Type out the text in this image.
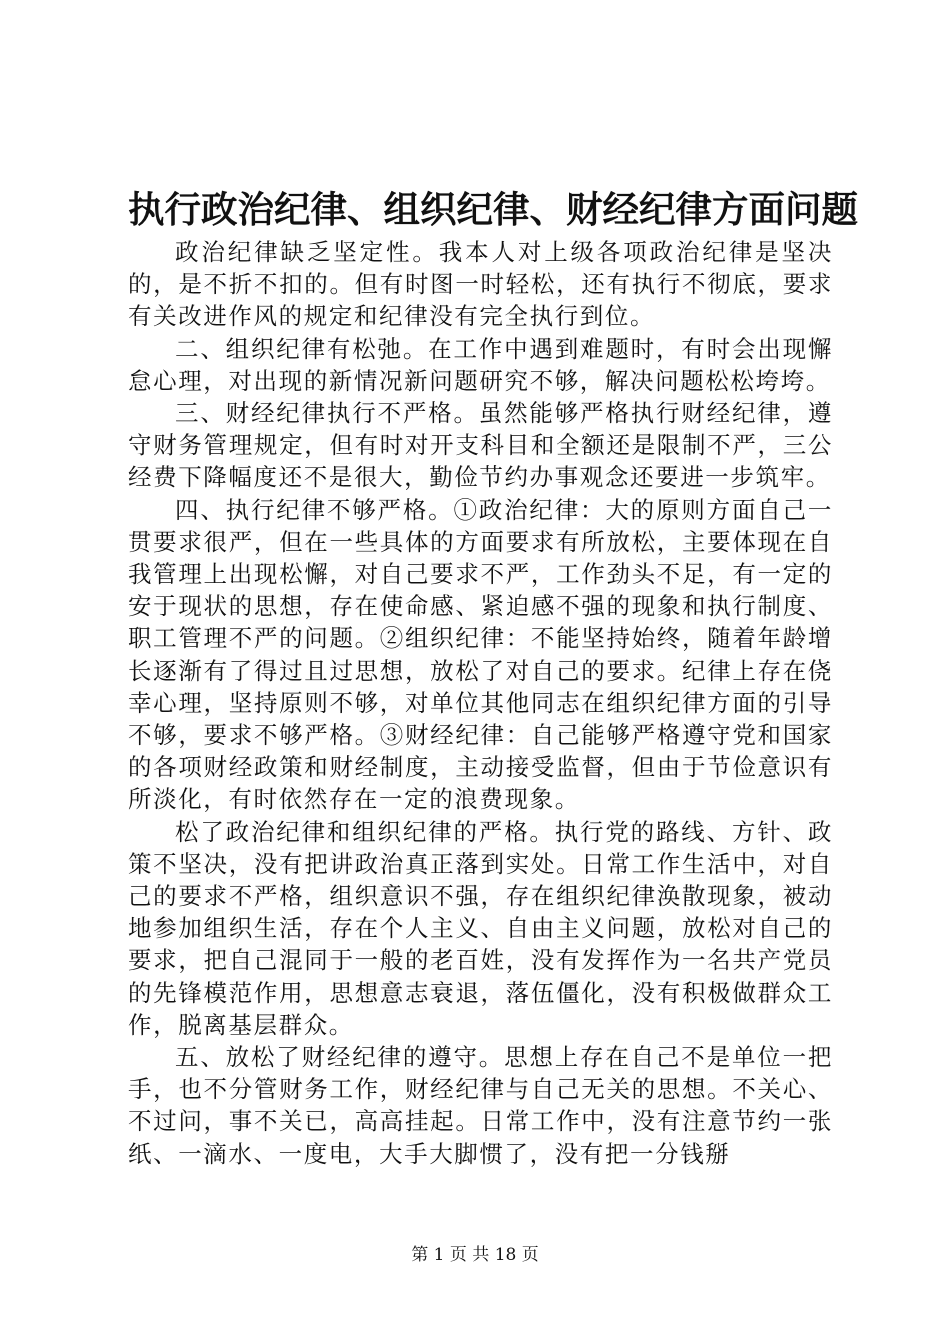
执行政治纪律、组织纪律、财经纪律方面问题

政治纪律缺乏坚定性。我本人对上级各项政治纪律是坚决的，是不折不扣的。但有时图一时轻松，还有执行不彻底，要求有关改进作风的规定和纪律没有完全执行到位。

二、组织纪律有松弛。在工作中遇到难题时，有时会出现懈怠心理，对出现的新情况新问题研究不够，解决问题松松垮垮。

三、财经纪律执行不严格。虽然能够严格执行财经纪律，遵守财务管理规定，但有时对开支科目和全额还是限制不严，三公经费下降幅度还不是很大，勤俭节约办事观念还要进一步筑牢。

四、执行纪律不够严格。①政治纪律：大的原则方面自己一贯要求很严，但在一些具体的方面要求有所放松，主要体现在自我管理上出现松懈，对自己要求不严，工作劲头不足，有一定的安于现状的思想，存在使命感、紧迫感不强的现象和执行制度、职工管理不严的问题。②组织纪律：不能坚持始终，随着年龄增长逐渐有了得过且过思想，放松了对自己的要求。纪律上存在侥幸心理，坚持原则不够，对单位其他同志在组织纪律方面的引导不够，要求不够严格。③财经纪律：自己能够严格遵守党和国家的各项财经政策和财经制度，主动接受监督，但由于节俭意识有所淡化，有时依然存在一定的浪费现象。

松了政治纪律和组织纪律的严格。执行党的路线、方针、政策不坚决，没有把讲政治真正落到实处。日常工作生活中，对自己的要求不严格，组织意识不强，存在组织纪律涣散现象，被动地参加组织生活，存在个人主义、自由主义问题，放松对自己的要求，把自己混同于一般的老百姓，没有发挥作为一名共产党员的先锋模范作用，思想意志衰退，落伍僵化，没有积极做群众工作，脱离基层群众。

五、放松了财经纪律的遵守。思想上存在自己不是单位一把手，也不分管财务工作，财经纪律与自己无关的思想。不关心、不过问，事不关已，高高挂起。日常工作中，没有注意节约一张纸、一滴水、一度电，大手大脚惯了，没有把一分钱掰

第 1 页 共 18 页
